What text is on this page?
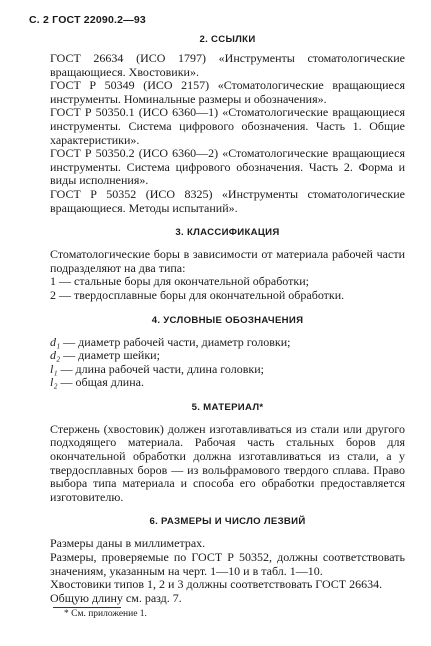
С. 2 ГОСТ 22090.2—93
2. ССЫЛКИ

ГОСТ 26634 (ИСО 1797) «Инструменты стоматологические вращающиеся. Хвостовики».

ГОСТ Р 50349 (ИСО 2157) «Стоматологические вращающиеся инструменты. Номинальные размеры и обозначения».

ГОСТ Р 50350.1 (ИСО 6360—1) «Стоматологические вращающиеся инструменты. Система цифрового обозначения. Часть 1. Общие характеристики».

ГОСТ Р 50350.2 (ИСО 6360—2) «Стоматологические вращающиеся инструменты. Система цифрового обозначения. Часть 2. Форма и виды исполнения».

ГОСТ Р 50352 (ИСО 8325) «Инструменты стоматологические вращающиеся. Методы испытаний».

3. КЛАССИФИКАЦИЯ

Стоматологические боры в зависимости от материала рабочей части подразделяют на два типа:

1 — стальные боры для окончательной обработки;

2 — твердосплавные боры для окончательной обработки.

4. УСЛОВНЫЕ ОБОЗНАЧЕНИЯ
d₁ — диаметр рабочей части, диаметр головки;
d₂ — диаметр шейки;
l₁ — длина рабочей части, длина головки;
l₂ — общая длина.
5. МАТЕРИАЛ*

Стержень (хвостовик) должен изготавливаться из стали или другого подходящего материала. Рабочая часть стальных боров для окончательной обработки должна изготавливаться из стали, а у твердосплавных боров — из вольфрамового твердого сплава. Право выбора типа материала и способа его обработки предоставляется изготовителю.

6. РАЗМЕРЫ И ЧИСЛО ЛЕЗВИЙ

Размеры даны в миллиметрах.

Размеры, проверяемые по ГОСТ Р 50352, должны соответствовать значениям, указанным на черт. 1—10 и в табл. 1—10.

Хвостовики типов 1, 2 и 3 должны соответствовать ГОСТ 26634.

Общую длину см. разд. 7.

* См. приложение 1.
